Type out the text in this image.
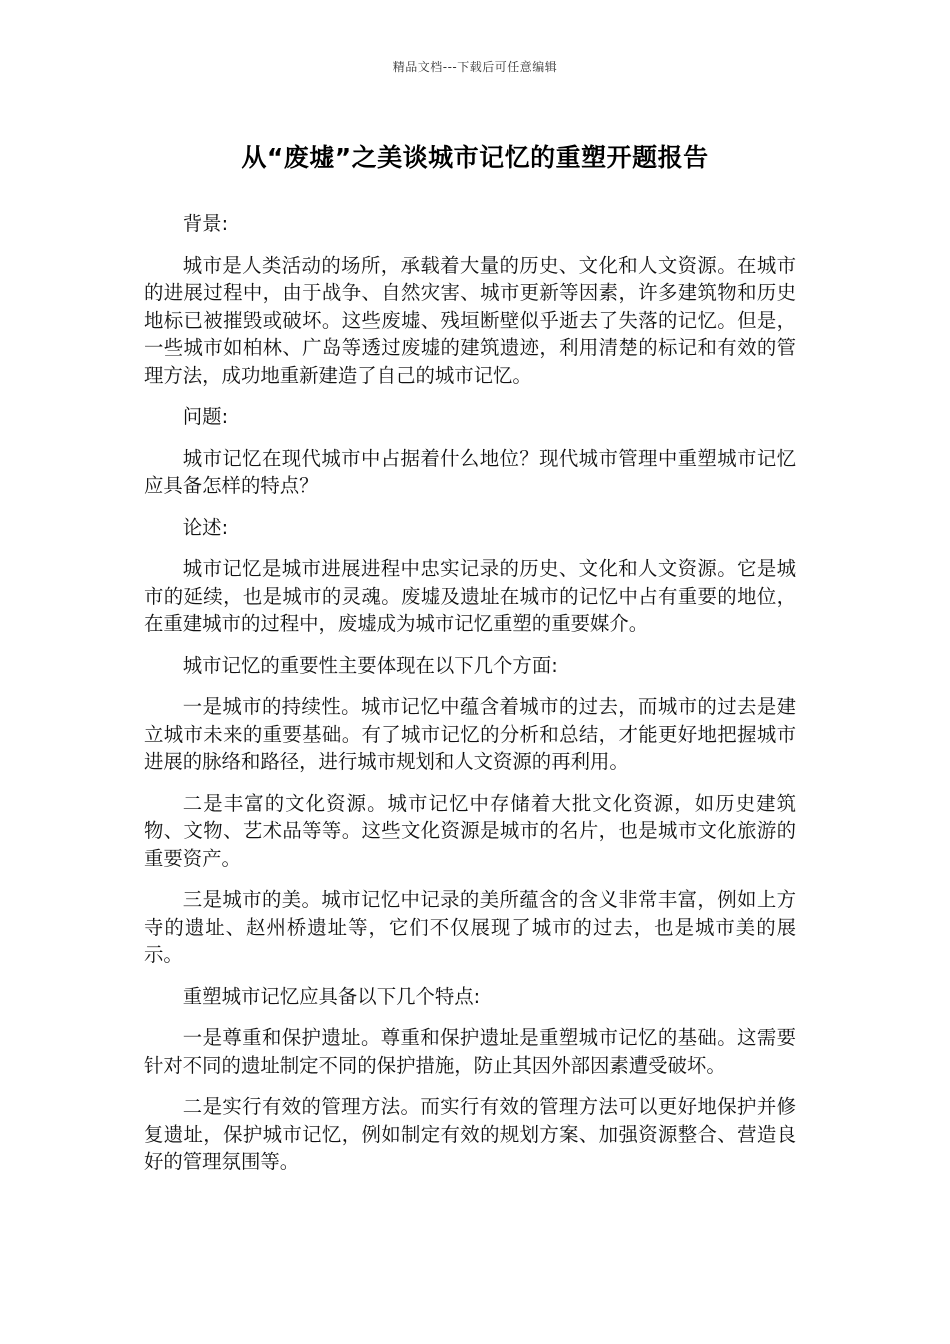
精品文档---下载后可任意编辑
从“废墟”之美谈城市记忆的重塑开题报告

背景:

城市是人类活动的场所，承载着大量的历史、文化和人文资源。在城市的进展过程中，由于战争、自然灾害、城市更新等因素，许多建筑物和历史地标已被摧毁或破坏。这些废墟、残垣断壁似乎逝去了失落的记忆。但是，一些城市如柏林、广岛等透过废墟的建筑遗迹，利用清楚的标记和有效的管理方法，成功地重新建造了自己的城市记忆。

问题:

城市记忆在现代城市中占据着什么地位？现代城市管理中重塑城市记忆应具备怎样的特点？

论述:

城市记忆是城市进展进程中忠实记录的历史、文化和人文资源。它是城市的延续，也是城市的灵魂。废墟及遗址在城市的记忆中占有重要的地位，在重建城市的过程中，废墟成为城市记忆重塑的重要媒介。

城市记忆的重要性主要体现在以下几个方面:

一是城市的持续性。城市记忆中蕴含着城市的过去，而城市的过去是建立城市未来的重要基础。有了城市记忆的分析和总结，才能更好地把握城市进展的脉络和路径，进行城市规划和人文资源的再利用。

二是丰富的文化资源。城市记忆中存储着大批文化资源，如历史建筑物、文物、艺术品等等。这些文化资源是城市的名片，也是城市文化旅游的重要资产。

三是城市的美。城市记忆中记录的美所蕴含的含义非常丰富，例如上方寺的遗址、赵州桥遗址等，它们不仅展现了城市的过去，也是城市美的展示。

重塑城市记忆应具备以下几个特点:

一是尊重和保护遗址。尊重和保护遗址是重塑城市记忆的基础。这需要针对不同的遗址制定不同的保护措施，防止其因外部因素遭受破坏。

二是实行有效的管理方法。而实行有效的管理方法可以更好地保护并修复遗址，保护城市记忆，例如制定有效的规划方案、加强资源整合、营造良好的管理氛围等。
